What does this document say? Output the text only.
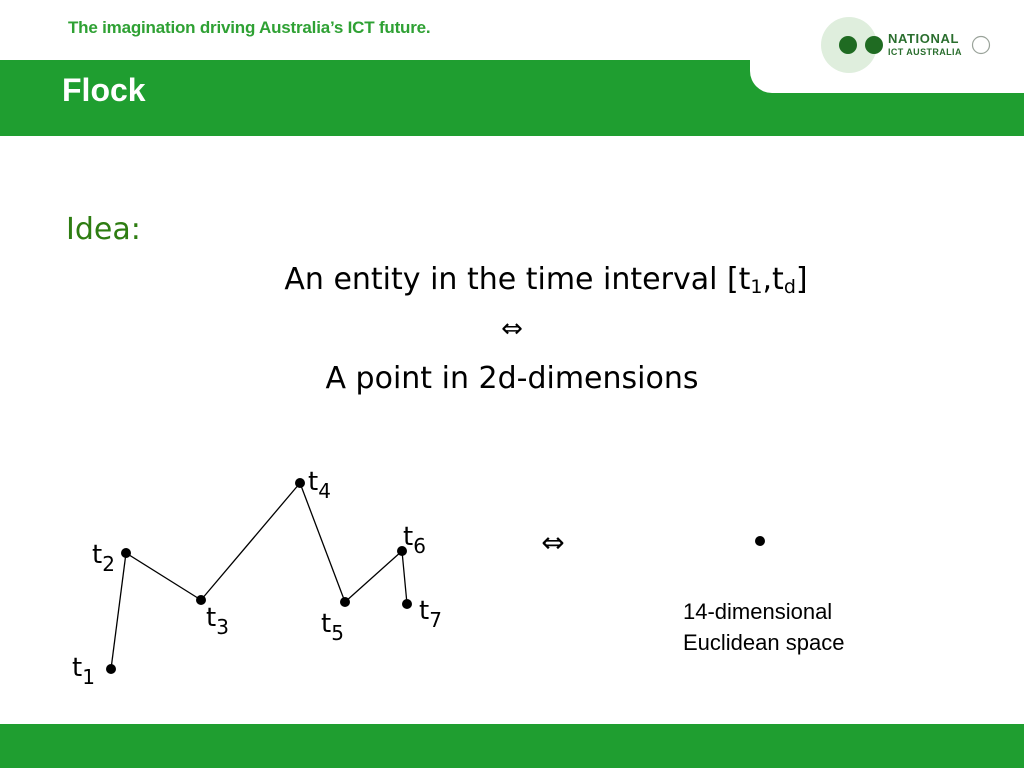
The imagination driving Australia’s ICT future.
Flock
NATIONAL
ICT AUSTRALIA
Idea:
An entity in the time interval $[t_1,t_d]$
⇔
A point in 2d-dimensions
$t_1$
$t_2$
$t_3$
$t_4$
$t_5$
$t_6$
$t_7$
⇔
14-dimensional
Euclidean space
